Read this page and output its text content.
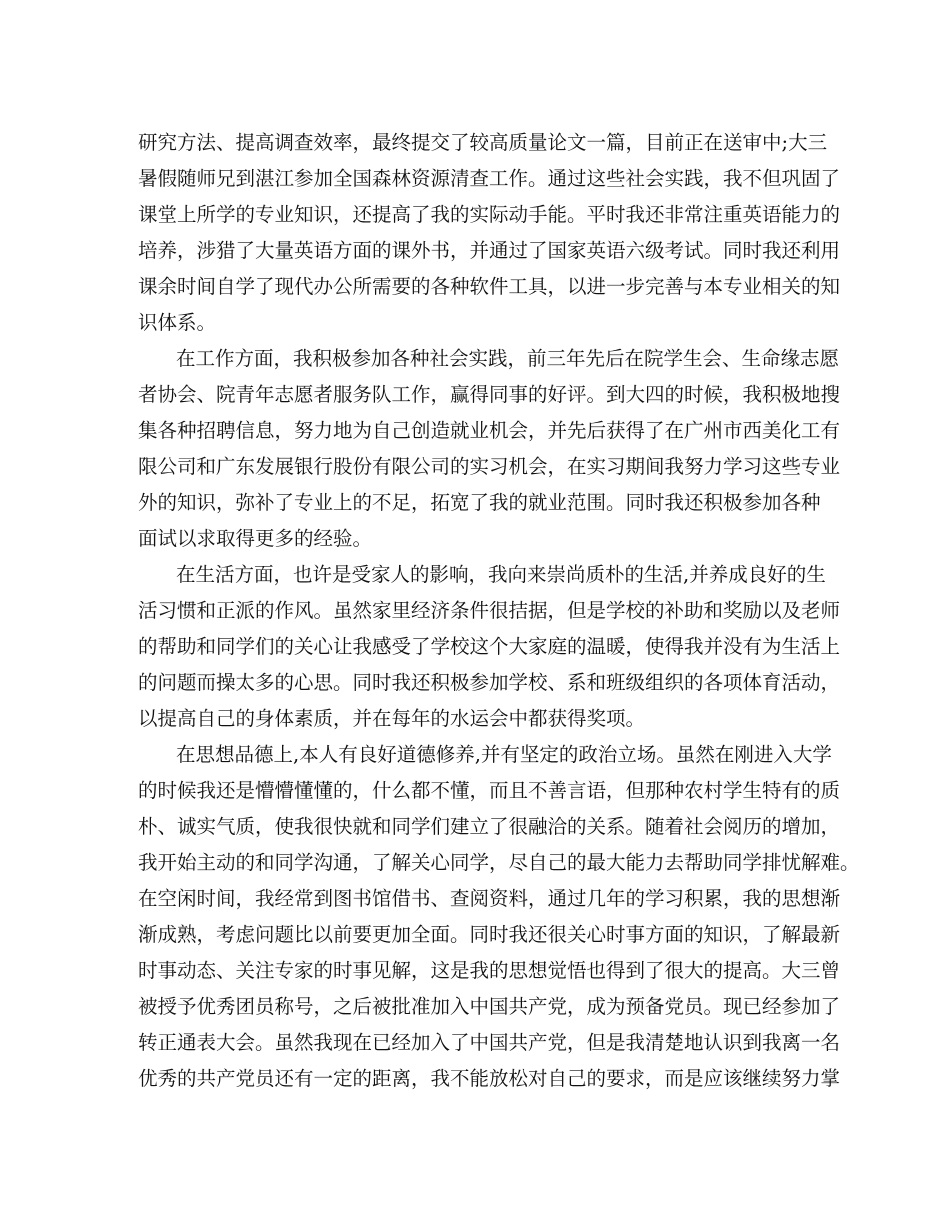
研究方法、提高调查效率，最终提交了较高质量论文一篇，目前正在送审中;大三
暑假随师兄到湛江参加全国森林资源清查工作。通过这些社会实践，我不但巩固了
课堂上所学的专业知识，还提高了我的实际动手能。平时我还非常注重英语能力的
培养，涉猎了大量英语方面的课外书，并通过了国家英语六级考试。同时我还利用
课余时间自学了现代办公所需要的各种软件工具，以进一步完善与本专业相关的知
识体系。
在工作方面，我积极参加各种社会实践，前三年先后在院学生会、生命缘志愿
者协会、院青年志愿者服务队工作，赢得同事的好评。到大四的时候，我积极地搜
集各种招聘信息，努力地为自己创造就业机会，并先后获得了在广州市西美化工有
限公司和广东发展银行股份有限公司的实习机会，在实习期间我努力学习这些专业
外的知识，弥补了专业上的不足，拓宽了我的就业范围。同时我还积极参加各种
面试以求取得更多的经验。
在生活方面，也许是受家人的影响，我向来崇尚质朴的生活,并养成良好的生
活习惯和正派的作风。虽然家里经济条件很拮据，但是学校的补助和奖励以及老师
的帮助和同学们的关心让我感受了学校这个大家庭的温暖，使得我并没有为生活上
的问题而操太多的心思。同时我还积极参加学校、系和班级组织的各项体育活动，
以提高自己的身体素质，并在每年的水运会中都获得奖项。
在思想品德上,本人有良好道德修养,并有坚定的政治立场。虽然在刚进入大学
的时候我还是懵懵懂懂的，什么都不懂，而且不善言语，但那种农村学生特有的质
朴、诚实气质，使我很快就和同学们建立了很融洽的关系。随着社会阅历的增加，
我开始主动的和同学沟通，了解关心同学，尽自己的最大能力去帮助同学排忧解难。
在空闲时间，我经常到图书馆借书、查阅资料，通过几年的学习积累，我的思想渐
渐成熟，考虑问题比以前要更加全面。同时我还很关心时事方面的知识，了解最新
时事动态、关注专家的时事见解，这是我的思想觉悟也得到了很大的提高。大三曾
被授予优秀团员称号，之后被批准加入中国共产党，成为预备党员。现已经参加了
转正通表大会。虽然我现在已经加入了中国共产党，但是我清楚地认识到我离一名
优秀的共产党员还有一定的距离，我不能放松对自己的要求，而是应该继续努力掌
